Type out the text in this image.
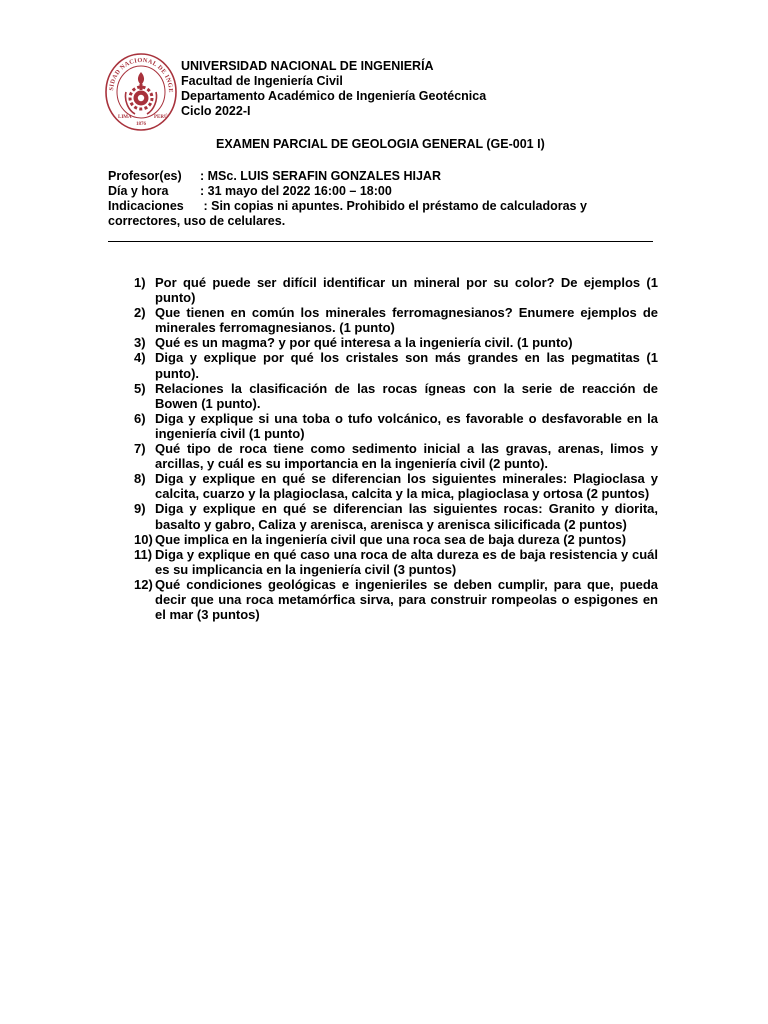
SIDAD NACIONAL DE INGE
LIMA
1876
PERÚ
UNIVERSIDAD NACIONAL DE INGENIERÍA
Facultad de Ingeniería Civil
Departamento Académico de Ingeniería Geotécnica
Ciclo 2022-I
EXAMEN PARCIAL DE GEOLOGIA GENERAL (GE-001 I)
Profesor(es)	: MSc. LUIS SERAFIN GONZALES HIJAR
Día y hora	: 31 mayo del 2022 16:00 – 18:00
Indicaciones	: Sin copias ni apuntes. Prohibido el préstamo de calculadoras y
correctores, uso de celulares.
1) Por qué puede ser difícil identificar un mineral por su color? De ejemplos (1 punto)
2) Que tienen en común los minerales ferromagnesianos? Enumere ejemplos de minerales ferromagnesianos. (1 punto)
3) Qué es un magma? y por qué interesa a la ingeniería civil. (1 punto)
4) Diga y explique por qué los cristales son más grandes en las pegmatitas (1 punto).
5) Relaciones la clasificación de las rocas ígneas con la serie de reacción de Bowen (1 punto).
6) Diga y explique si una toba o tufo volcánico, es favorable o desfavorable en la ingeniería civil (1 punto)
7) Qué tipo de roca tiene como sedimento inicial a las gravas, arenas, limos y arcillas, y cuál es su importancia en la ingeniería civil (2 punto).
8) Diga y explique en qué se diferencian los siguientes minerales: Plagioclasa y calcita, cuarzo y la plagioclasa, calcita y la mica, plagioclasa y ortosa (2 puntos)
9) Diga y explique en qué se diferencian las siguientes rocas: Granito y diorita, basalto y gabro, Caliza y arenisca, arenisca y arenisca silicificada (2 puntos)
10) Que implica en la ingeniería civil que una roca sea de baja dureza (2 puntos)
11) Diga y explique en qué caso una roca de alta dureza es de baja resistencia y cuál es su implicancia en la ingeniería civil (3 puntos)
12) Qué condiciones geológicas e ingenieriles se deben cumplir, para que, pueda decir que una roca metamórfica sirva, para construir rompeolas o espigones en el mar (3 puntos)
